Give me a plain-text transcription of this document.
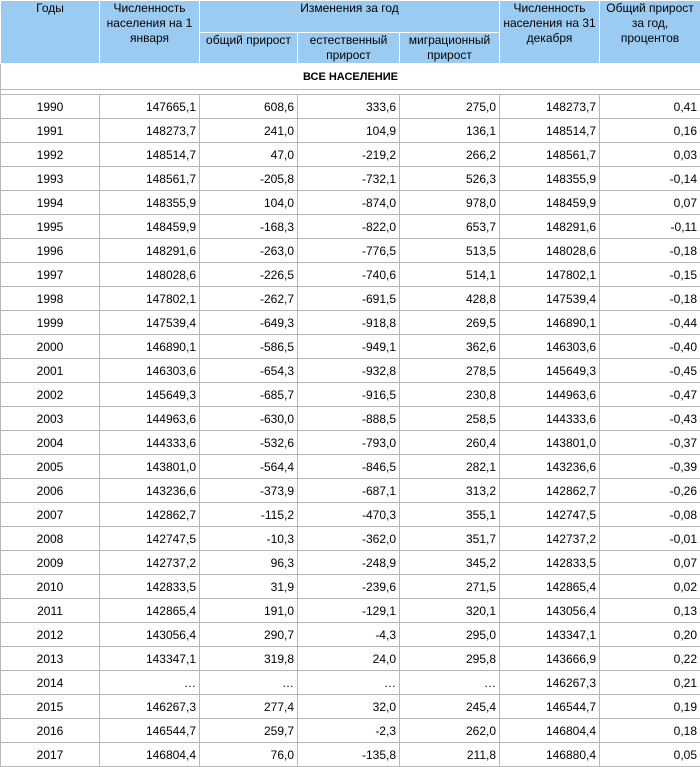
Годы	Численность населения на 1 января	Изменения за год			Численность населения на 31 декабря	Общий прирост за год, процентов
		общий прирост	естественный прирост	миграционный прирост		
ВСЕ НАСЕЛЕНИЕ						

1990	147665,1	608,6	333,6	275,0	148273,7	0,41
1991	148273,7	241,0	104,9	136,1	148514,7	0,16
1992	148514,7	47,0	-219,2	266,2	148561,7	0,03
1993	148561,7	-205,8	-732,1	526,3	148355,9	-0,14
1994	148355,9	104,0	-874,0	978,0	148459,9	0,07
1995	148459,9	-168,3	-822,0	653,7	148291,6	-0,11
1996	148291,6	-263,0	-776,5	513,5	148028,6	-0,18
1997	148028,6	-226,5	-740,6	514,1	147802,1	-0,15
1998	147802,1	-262,7	-691,5	428,8	147539,4	-0,18
1999	147539,4	-649,3	-918,8	269,5	146890,1	-0,44
2000	146890,1	-586,5	-949,1	362,6	146303,6	-0,40
2001	146303,6	-654,3	-932,8	278,5	145649,3	-0,45
2002	145649,3	-685,7	-916,5	230,8	144963,6	-0,47
2003	144963,6	-630,0	-888,5	258,5	144333,6	-0,43
2004	144333,6	-532,6	-793,0	260,4	143801,0	-0,37
2005	143801,0	-564,4	-846,5	282,1	143236,6	-0,39
2006	143236,6	-373,9	-687,1	313,2	142862,7	-0,26
2007	142862,7	-115,2	-470,3	355,1	142747,5	-0,08
2008	142747,5	-10,3	-362,0	351,7	142737,2	-0,01
2009	142737,2	96,3	-248,9	345,2	142833,5	0,07
2010	142833,5	31,9	-239,6	271,5	142865,4	0,02
2011	142865,4	191,0	-129,1	320,1	143056,4	0,13
2012	143056,4	290,7	-4,3	295,0	143347,1	0,20
2013	143347,1	319,8	24,0	295,8	143666,9	0,22
2014	…	…	…	…	146267,3	0,21
2015	146267,3	277,4	32,0	245,4	146544,7	0,19
2016	146544,7	259,7	-2,3	262,0	146804,4	0,18
2017	146804,4	76,0	-135,8	211,8	146880,4	0,05
